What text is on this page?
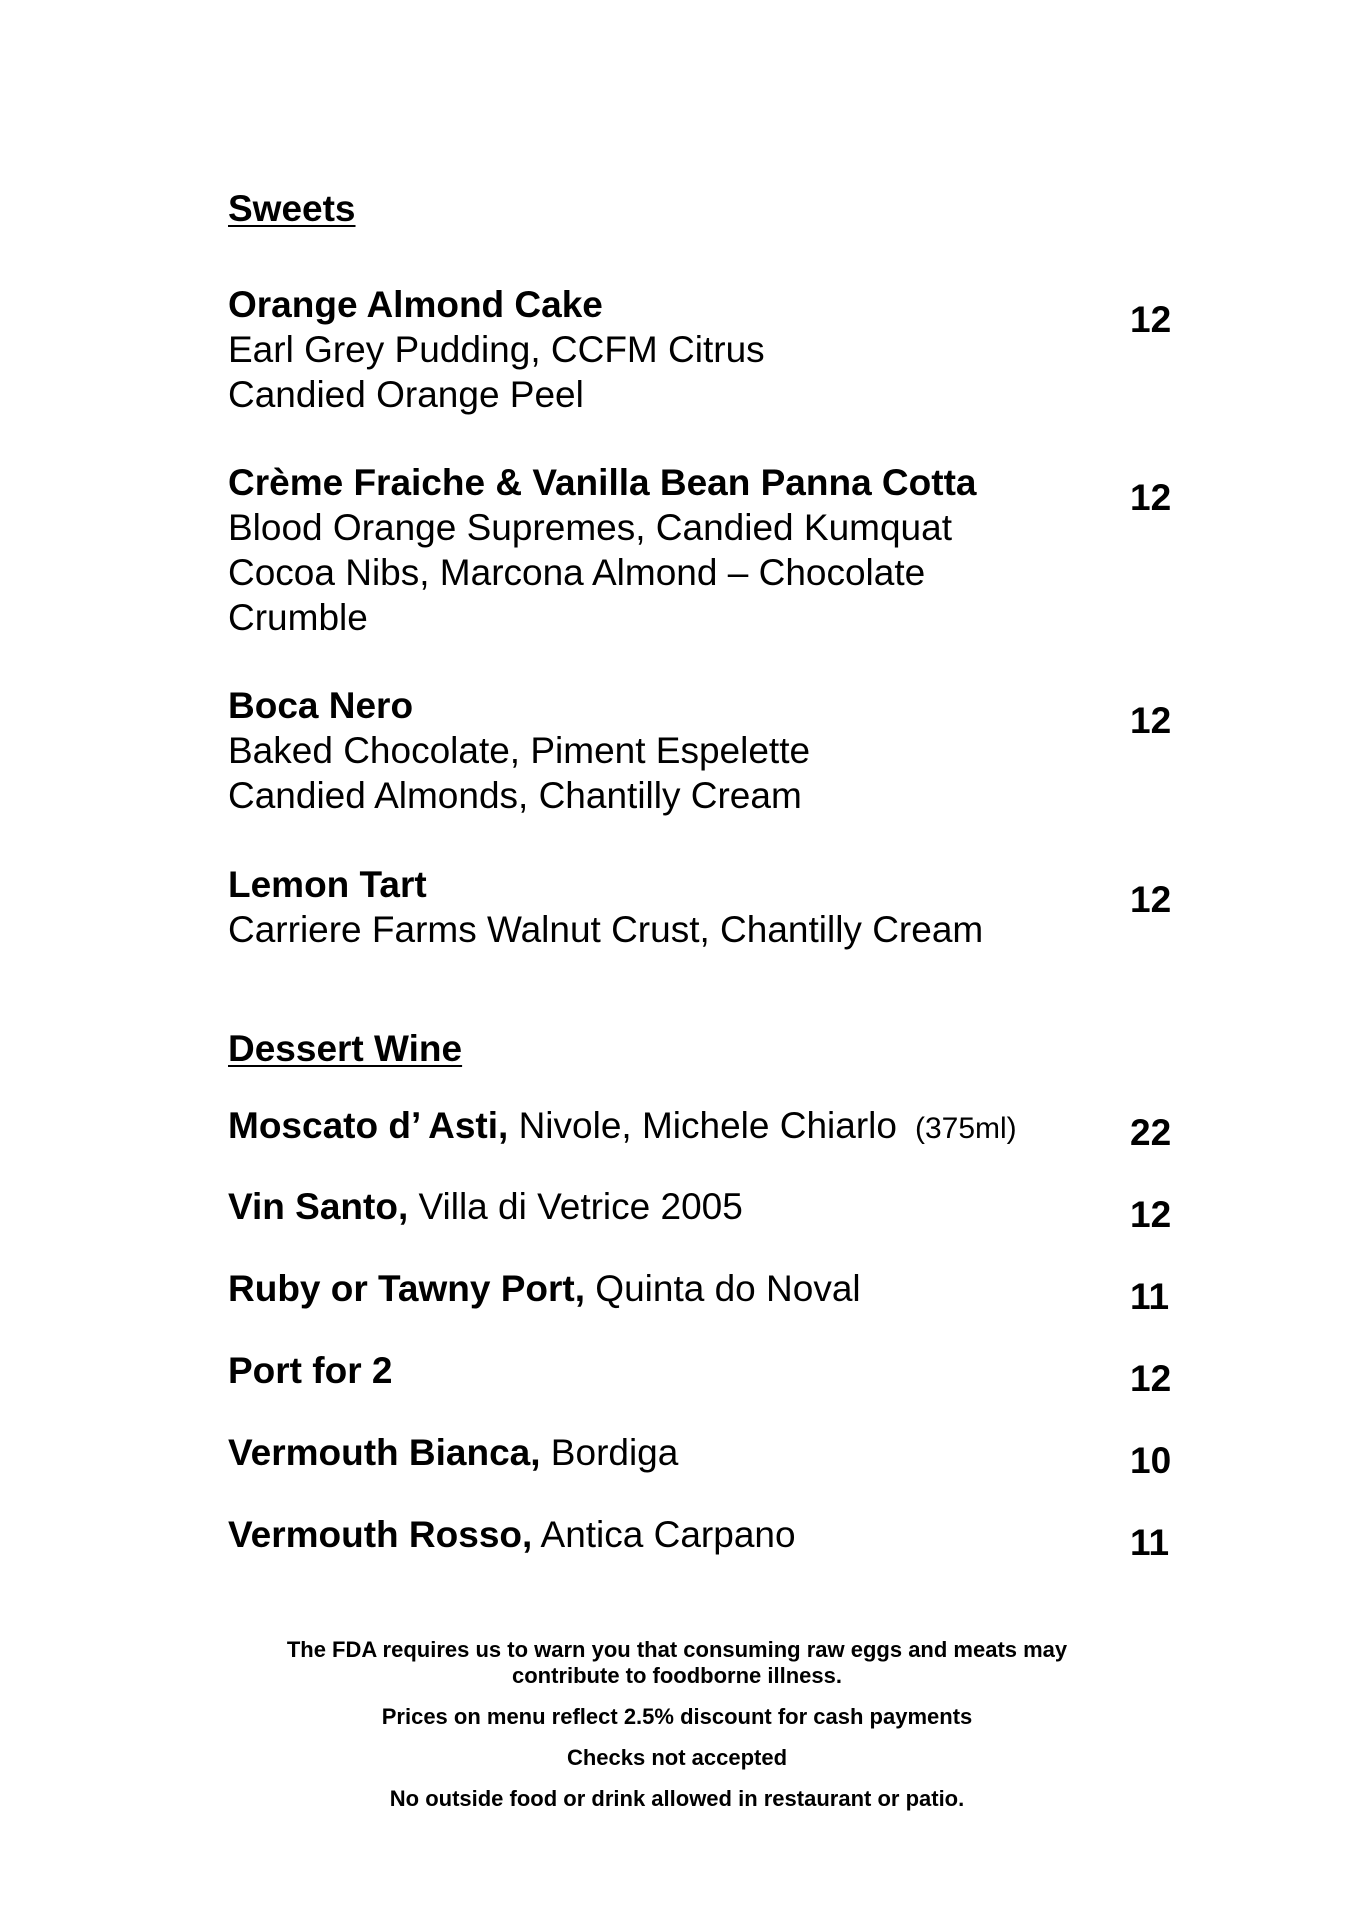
Sweets
Orange Almond Cake
Earl Grey Pudding, CCFM Citrus
Candied Orange Peel
12
Crème Fraiche & Vanilla Bean Panna Cotta
Blood Orange Supremes, Candied Kumquat
Cocoa Nibs, Marcona Almond – Chocolate
Crumble
12
Boca Nero
Baked Chocolate, Piment Espelette
Candied Almonds, Chantilly Cream
12
Lemon Tart
Carriere Farms Walnut Crust, Chantilly Cream
12
Dessert Wine
Moscato d’ Asti, Nivole, Michele Chiarlo (375ml)	22
Vin Santo, Villa di Vetrice 2005	12
Ruby or Tawny Port, Quinta do Noval	11
Port for 2	12
Vermouth Bianca, Bordiga	10
Vermouth Rosso, Antica Carpano	11
The FDA requires us to warn you that consuming raw eggs and meats may
contribute to foodborne illness.
Prices on menu reflect 2.5% discount for cash payments
Checks not accepted
No outside food or drink allowed in restaurant or patio.
